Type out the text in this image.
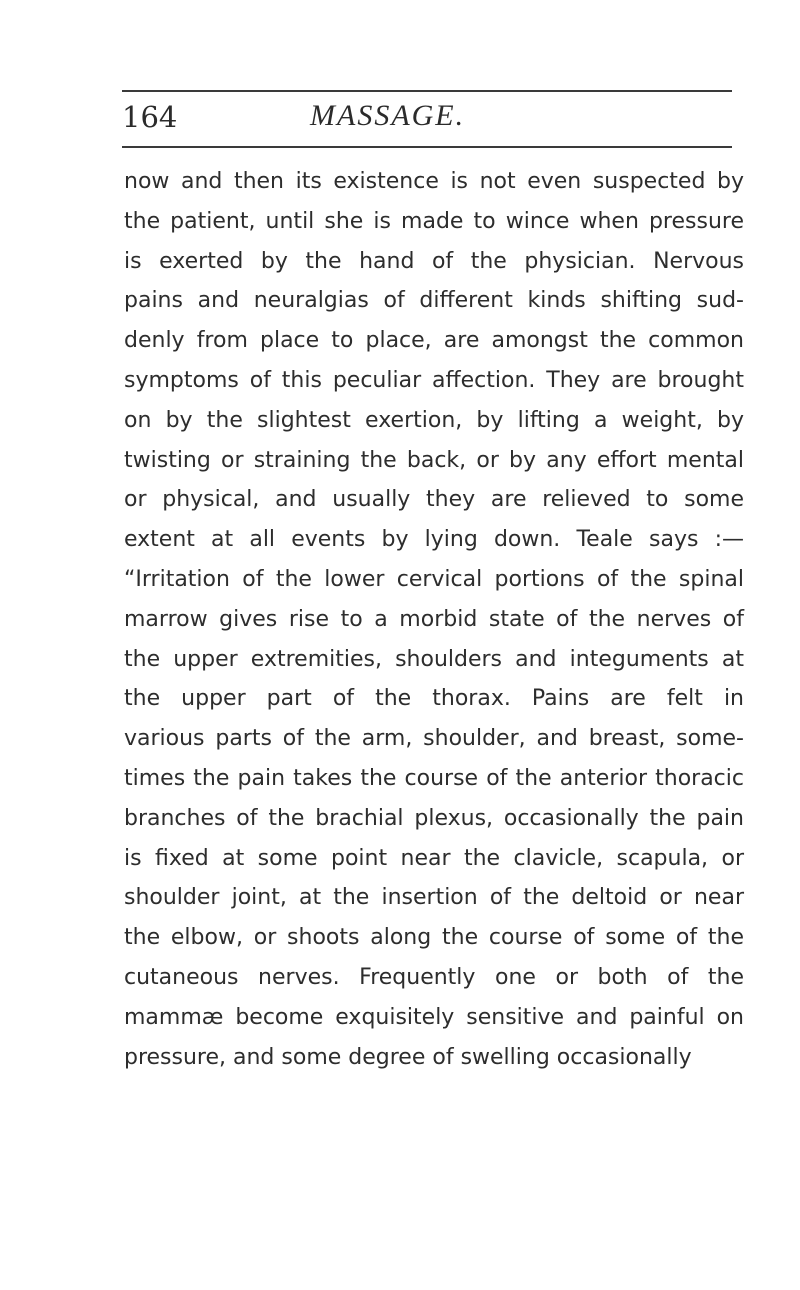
164	MASSAGE.
now and then its existence is not even suspected by
the patient, until she is made to wince when pressure
is exerted by the hand of the physician. Nervous
pains and neuralgias of different kinds shifting sud-
denly from place to place, are amongst the common
symptoms of this peculiar affection. They are brought
on by the slightest exertion, by lifting a weight, by
twisting or straining the back, or by any effort mental
or physical, and usually they are relieved to some
extent at all events by lying down. Teale says :—
“Irritation of the lower cervical portions of the spinal
marrow gives rise to a morbid state of the nerves of
the upper extremities, shoulders and integuments at
the upper part of the thorax. Pains are felt in
various parts of the arm, shoulder, and breast, some-
times the pain takes the course of the anterior thoracic
branches of the brachial plexus, occasionally the pain
is fixed at some point near the clavicle, scapula, or
shoulder joint, at the insertion of the deltoid or near
the elbow, or shoots along the course of some of the
cutaneous nerves. Frequently one or both of the
mammæ become exquisitely sensitive and painful on
pressure, and some degree of swelling occasionally
